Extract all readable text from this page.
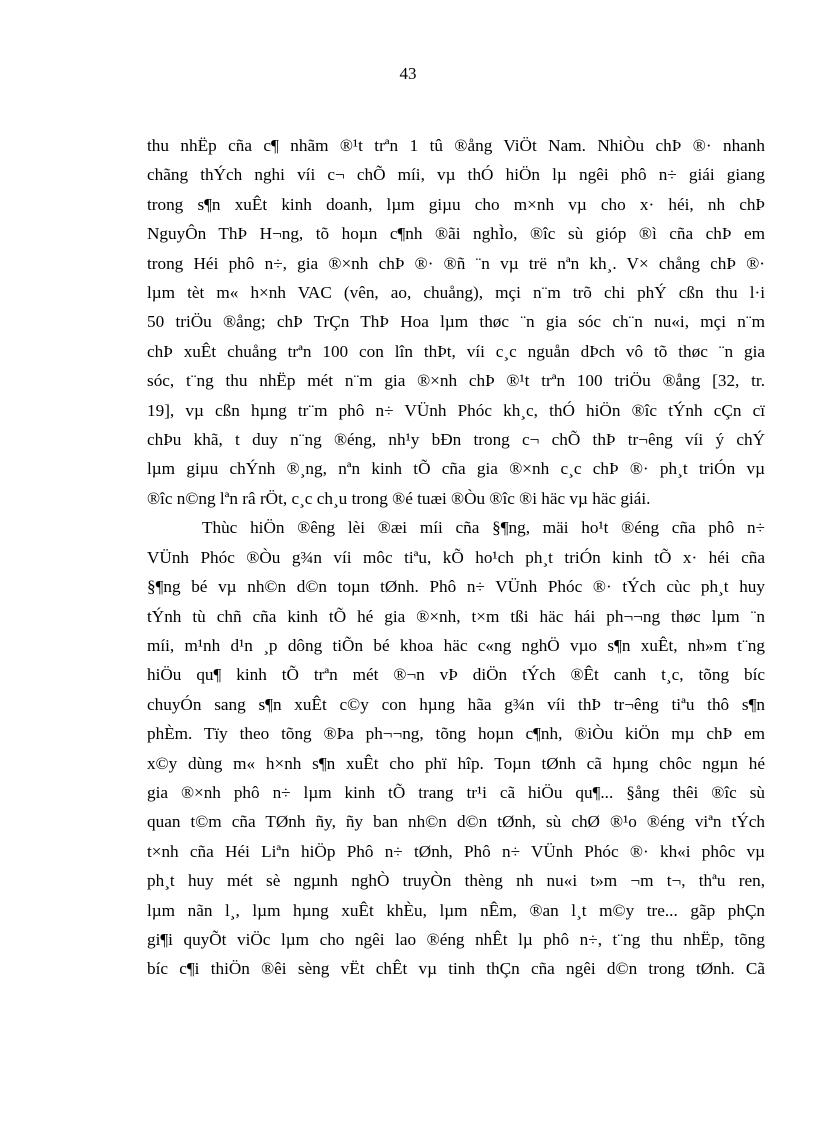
43
thu nhËp cña c¶ nhãm ®¹t trªn 1 tû ®ång ViÖt Nam. NhiÒu chÞ ®· nhanh
chãng thÝch nghi víi c¬ chÕ míi, vµ thÓ hiÖn lµ ngêi phô n÷ giái giang
trong s¶n xuÊt kinh doanh, lµm giµu cho m×nh vµ cho x· héi, nh chÞ
NguyÔn ThÞ H¬ng, tõ hoµn c¶nh ®ãi nghÌo, ®îc sù gióp ®ì cña chÞ em
trong Héi phô n÷, gia ®×nh chÞ ®· ®ñ ¨n vµ trë nªn kh¸. V× chång chÞ ®·
lµm tèt m« h×nh VAC (vên, ao, chuång), mçi n¨m trõ chi phÝ cßn thu l·i
50 triÖu ®ång; chÞ TrÇn ThÞ Hoa lµm thøc ¨n gia sóc ch¨n nu«i, mçi n¨m
chÞ xuÊt chuång trªn 100 con lîn thÞt, víi c¸c nguån dÞch vô tõ thøc ¨n gia
sóc, t¨ng thu nhËp mét n¨m gia ®×nh chÞ ®¹t trªn 100 triÖu ®ång [32, tr.
19], vµ cßn hµng tr¨m phô n÷ VÜnh Phóc kh¸c, thÓ hiÖn ®îc tÝnh cÇn cï
chÞu khã, t duy n¨ng ®éng, nh¹y bÐn trong c¬ chÕ thÞ tr¬êng víi ý chÝ
lµm giµu chÝnh ®¸ng, nªn kinh tÕ cña gia ®×nh c¸c chÞ ®· ph¸t triÓn vµ
®îc n©ng lªn râ rÖt, c¸c ch¸u trong ®é tuæi ®Òu ®îc ®i häc vµ häc giái.
Thùc hiÖn ®êng lèi ®æi míi cña §¶ng, mäi ho¹t ®éng cña phô n÷
VÜnh Phóc ®Òu g¾n víi môc tiªu, kÕ ho¹ch ph¸t triÓn kinh tÕ x· héi cña
§¶ng bé vµ nh©n d©n toµn tØnh. Phô n÷ VÜnh Phóc ®· tÝch cùc ph¸t huy
tÝnh tù chñ cña kinh tÕ hé gia ®×nh, t×m tßi häc hái ph¬¬ng thøc lµm ¨n
míi, m¹nh d¹n ¸p dông tiÕn bé khoa häc c«ng nghÖ vµo s¶n xuÊt, nh»m t¨ng
hiÖu qu¶ kinh tÕ trªn mét ®¬n vÞ diÖn tÝch ®Êt canh t¸c, tõng bíc
chuyÓn sang s¶n xuÊt c©y con hµng hãa g¾n víi thÞ tr¬êng tiªu thô s¶n
phÈm. Tïy theo tõng ®Þa ph¬¬ng, tõng hoµn c¶nh, ®iÒu kiÖn mµ chÞ em
x©y dùng m« h×nh s¶n xuÊt cho phï hîp. Toµn tØnh cã hµng chôc ngµn hé
gia ®×nh phô n÷ lµm kinh tÕ trang tr¹i cã hiÖu qu¶... §ång thêi ®îc sù
quan t©m cña TØnh ñy, ñy ban nh©n d©n tØnh, sù chØ ®¹o ®éng viªn tÝch
t×nh cña Héi Liªn hiÖp Phô n÷ tØnh, Phô n÷ VÜnh Phóc ®· kh«i phôc vµ
ph¸t huy mét sè ngµnh nghÒ truyÒn thèng nh nu«i t»m ¬m t¬, thªu ren,
lµm nãn l¸, lµm hµng xuÊt khÈu, lµm nÊm, ®an l¸t m©y tre... gãp phÇn
gi¶i quyÕt viÖc lµm cho ngêi lao ®éng nhÊt lµ phô n÷, t¨ng thu nhËp, tõng
bíc c¶i thiÖn ®êi sèng vËt chÊt vµ tinh thÇn cña ngêi d©n trong tØnh. Cã
